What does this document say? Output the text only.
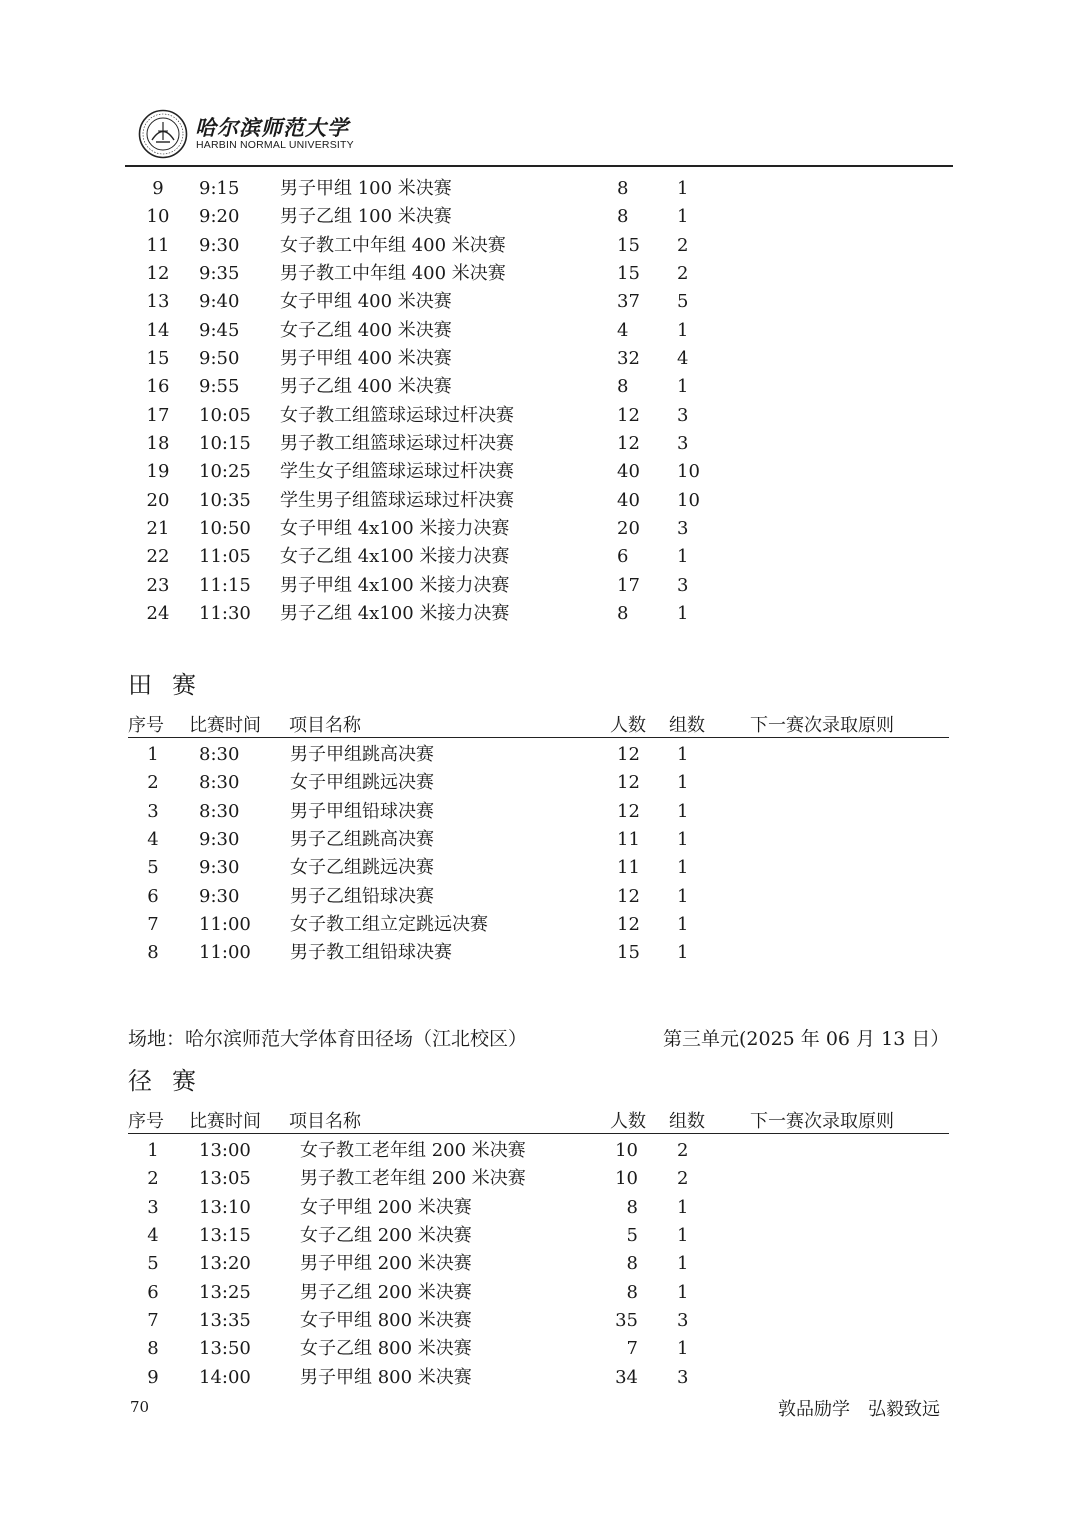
哈尔滨师范大学
HARBIN NORMAL UNIVERSITY
9 9:15 男子甲组 100 米决赛	8	1
10 9:20 男子乙组 100 米决赛	8	1
11 9:30 女子教工中年组 400 米决赛	15 2
12 9:35 男子教工中年组 400 米决赛	15 2
13 9:40 女子甲组 400 米决赛	37 5
14 9:45 女子乙组 400 米决赛	4	1
15 9:50 男子甲组 400 米决赛	32 4
16 9:55 男子乙组 400 米决赛	8	1
17 10:05 女子教工组篮球运球过杆决赛	12 3
18 10:15 男子教工组篮球运球过杆决赛	12 3
19 10:25 学生女子组篮球运球过杆决赛	40 10
20 10:35 学生男子组篮球运球过杆决赛	40 10
21 10:50 女子甲组 4x100 米接力决赛	20 3
22 11:05 女子乙组 4x100 米接力决赛	6	1
23 11:15 男子甲组 4x100 米接力决赛	17 3
24 11:30 男子乙组 4x100 米接力决赛	8	1
田赛
序号 比赛时间 项目名称	人数 组数	下一赛次录取原则
1 8:30	男子甲组跳高决赛	12 1
2 8:30	女子甲组跳远决赛	12 1
3 8:30	男子甲组铅球决赛	12 1
4 9:30	男子乙组跳高决赛	11 1
5 9:30	女子乙组跳远决赛	11 1
6 9:30	男子乙组铅球决赛	12 1
7 11:00 女子教工组立定跳远决赛	12 1
8 11:00 男子教工组铅球决赛	15 1
场地：哈尔滨师范大学体育田径场（江北校区）	第三单元(2025 年 06 月 13 日）
径赛
序号 比赛时间 项目名称	人数 组数	下一赛次录取原则
1 13:00	女子教工老年组 200 米决赛	10 2
2 13:05	男子教工老年组 200 米决赛	10 2
3 13:10	女子甲组 200 米决赛	8 1
4 13:15	女子乙组 200 米决赛	5 1
5 13:20	男子甲组 200 米决赛	8 1
6 13:25	男子乙组 200 米决赛	8 1
7 13:35	女子甲组 800 米决赛	35 3
8 13:50	女子乙组 800 米决赛	7 1
9 14:00	男子甲组 800 米决赛	34 3
70	敦品励学　弘毅致远
